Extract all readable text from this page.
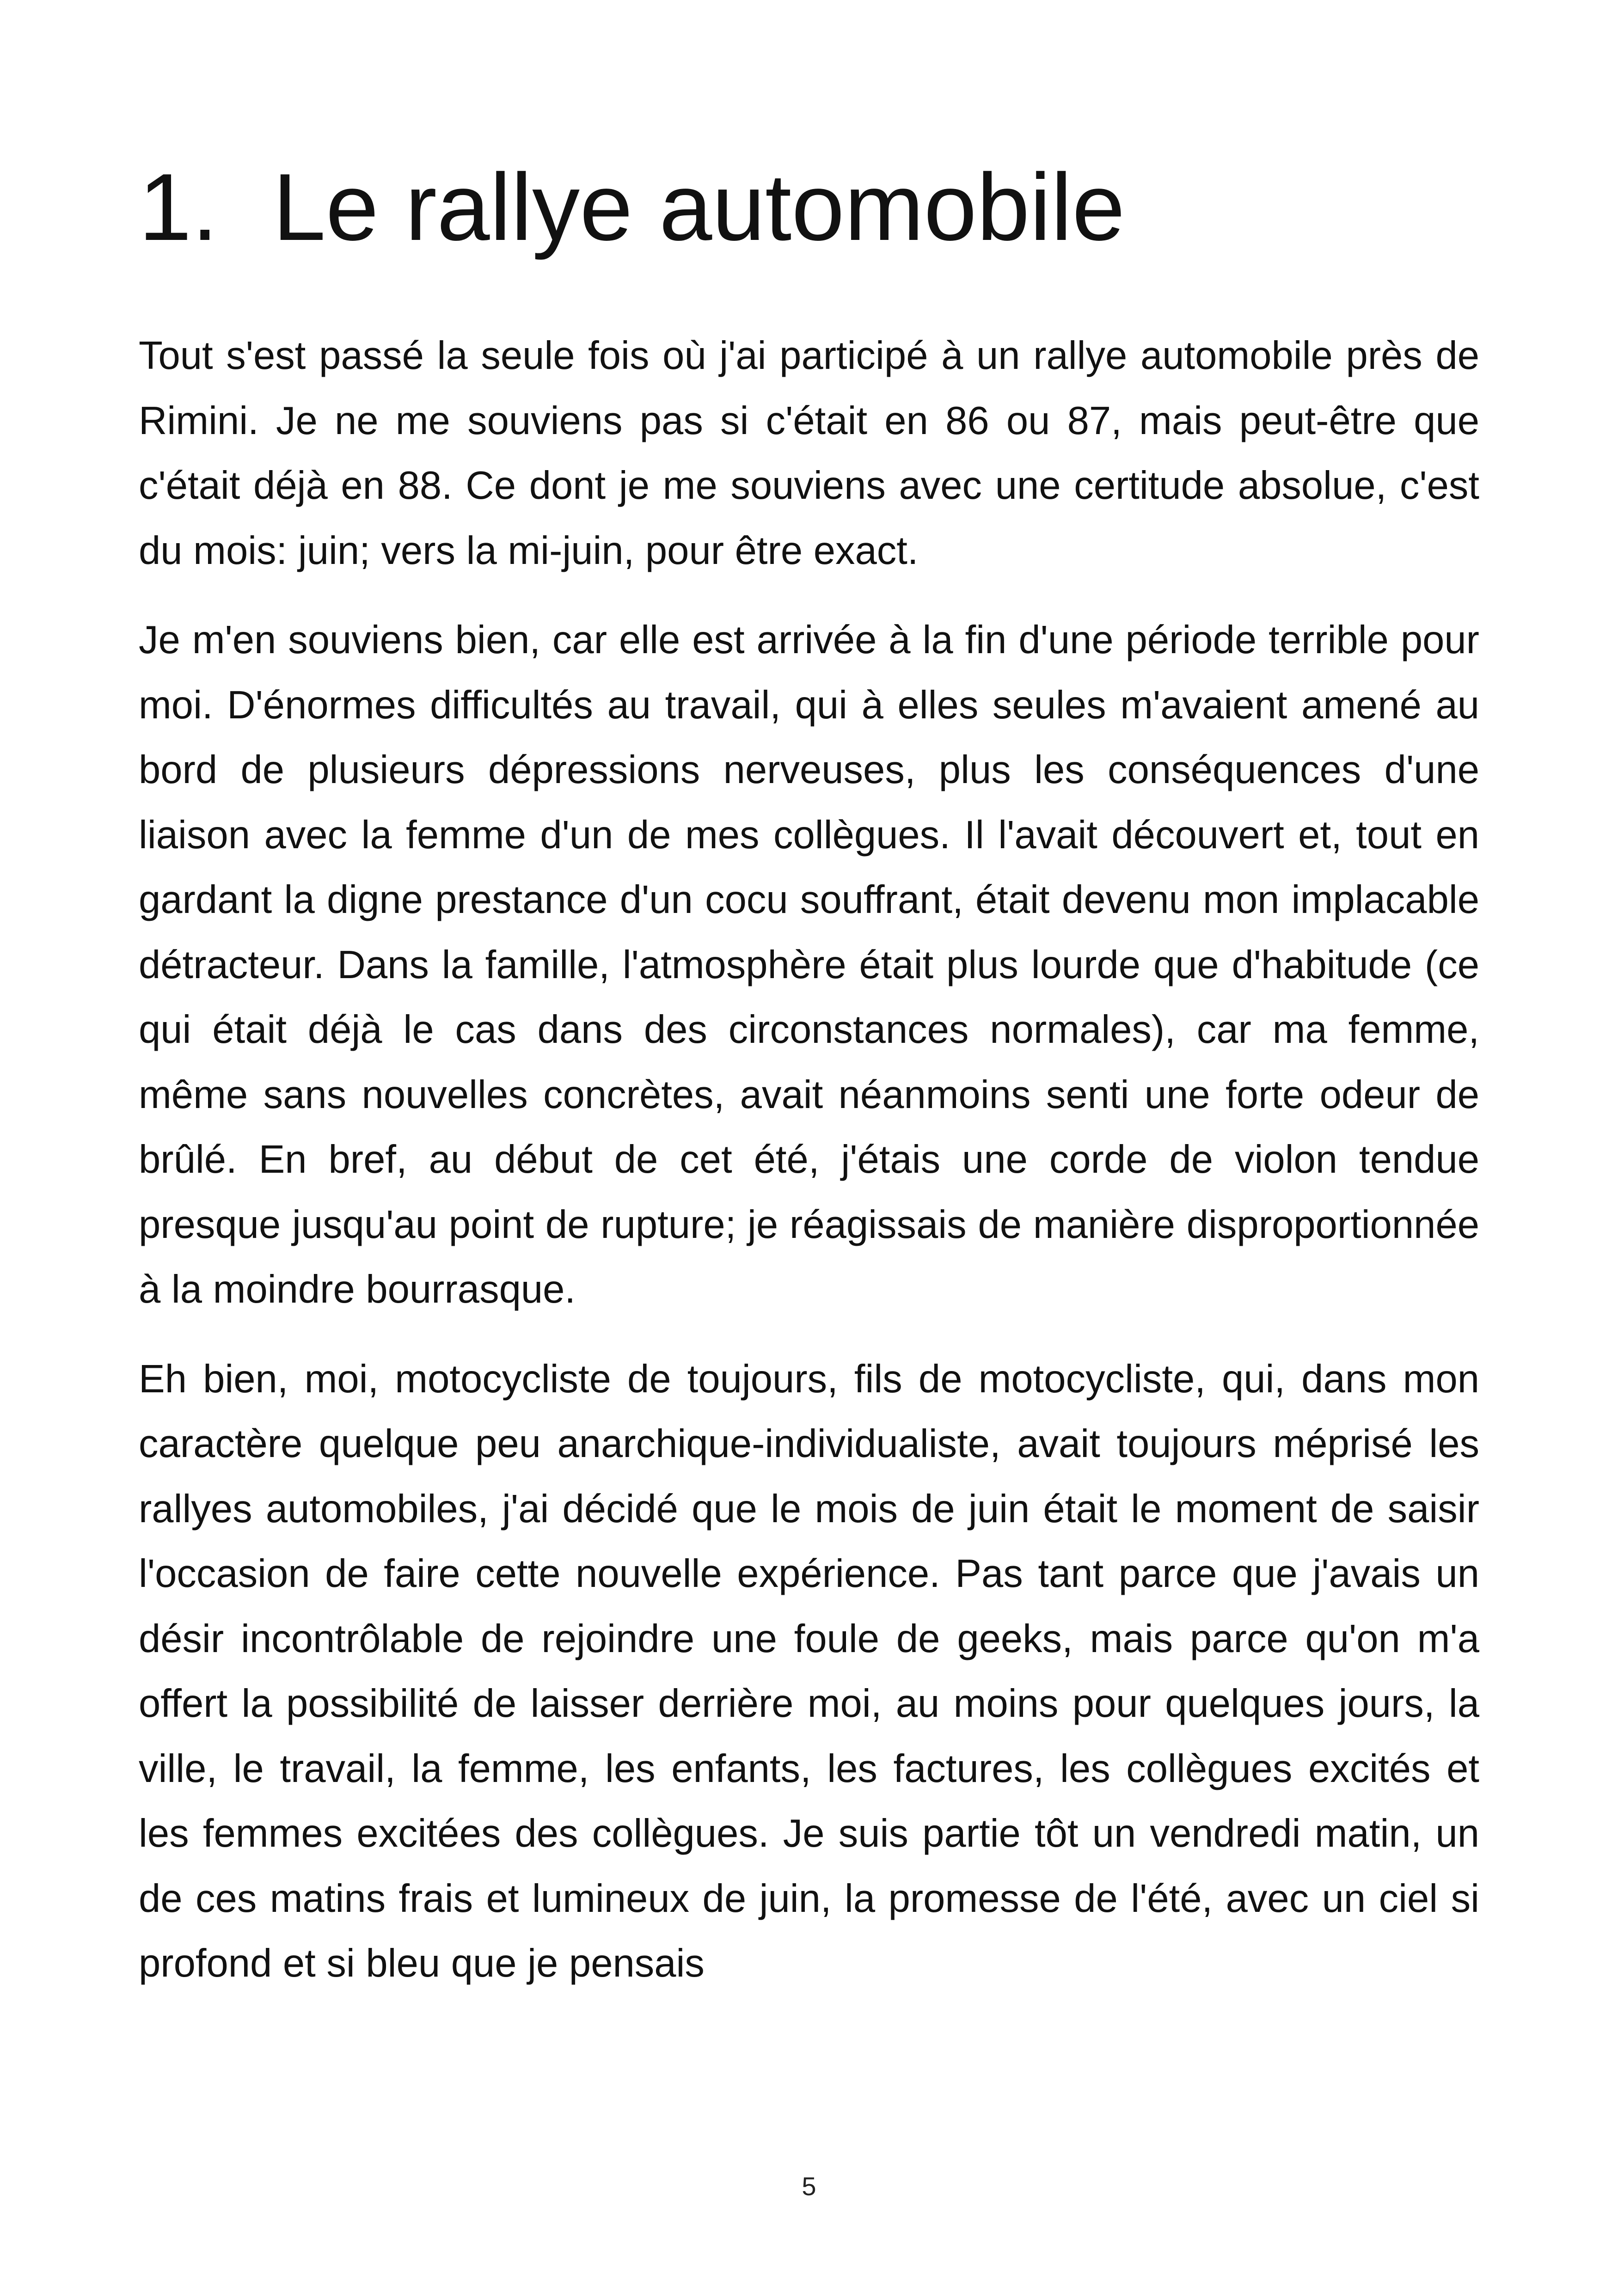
1. Le rallye automobile

Tout s'est passé la seule fois où j'ai participé à un rallye automobile près de Rimini. Je ne me souviens pas si c'était en 86 ou 87, mais peut-être que c'était déjà en 88. Ce dont je me souviens avec une certitude absolue, c'est du mois: juin; vers la mi-juin, pour être exact.

Je m'en souviens bien, car elle est arrivée à la fin d'une période terrible pour moi. D'énormes difficultés au travail, qui à elles seules m'avaient amené au bord de plusieurs dépressions nerveuses, plus les conséquences d'une liaison avec la femme d'un de mes collègues. Il l'avait découvert et, tout en gardant la digne prestance d'un cocu souffrant, était devenu mon implacable détracteur. Dans la famille, l'atmosphère était plus lourde que d'habitude (ce qui était déjà le cas dans des circonstances normales), car ma femme, même sans nouvelles concrètes, avait néanmoins senti une forte odeur de brûlé. En bref, au début de cet été, j'étais une corde de violon tendue presque jusqu'au point de rupture; je réagissais de manière disproportionnée à la moindre bourrasque.

Eh bien, moi, motocycliste de toujours, fils de motocycliste, qui, dans mon caractère quelque peu anarchique-individualiste, avait toujours méprisé les rallyes automobiles, j'ai décidé que le mois de juin était le moment de saisir l'occasion de faire cette nouvelle expérience. Pas tant parce que j'avais un désir incontrôlable de rejoindre une foule de geeks, mais parce qu'on m'a offert la possibilité de laisser derrière moi, au moins pour quelques jours, la ville, le travail, la femme, les enfants, les factures, les collègues excités et les femmes excitées des collègues. Je suis partie tôt un vendredi matin, un de ces matins frais et lumineux de juin, la promesse de l'été, avec un ciel si profond et si bleu que je pensais

5
